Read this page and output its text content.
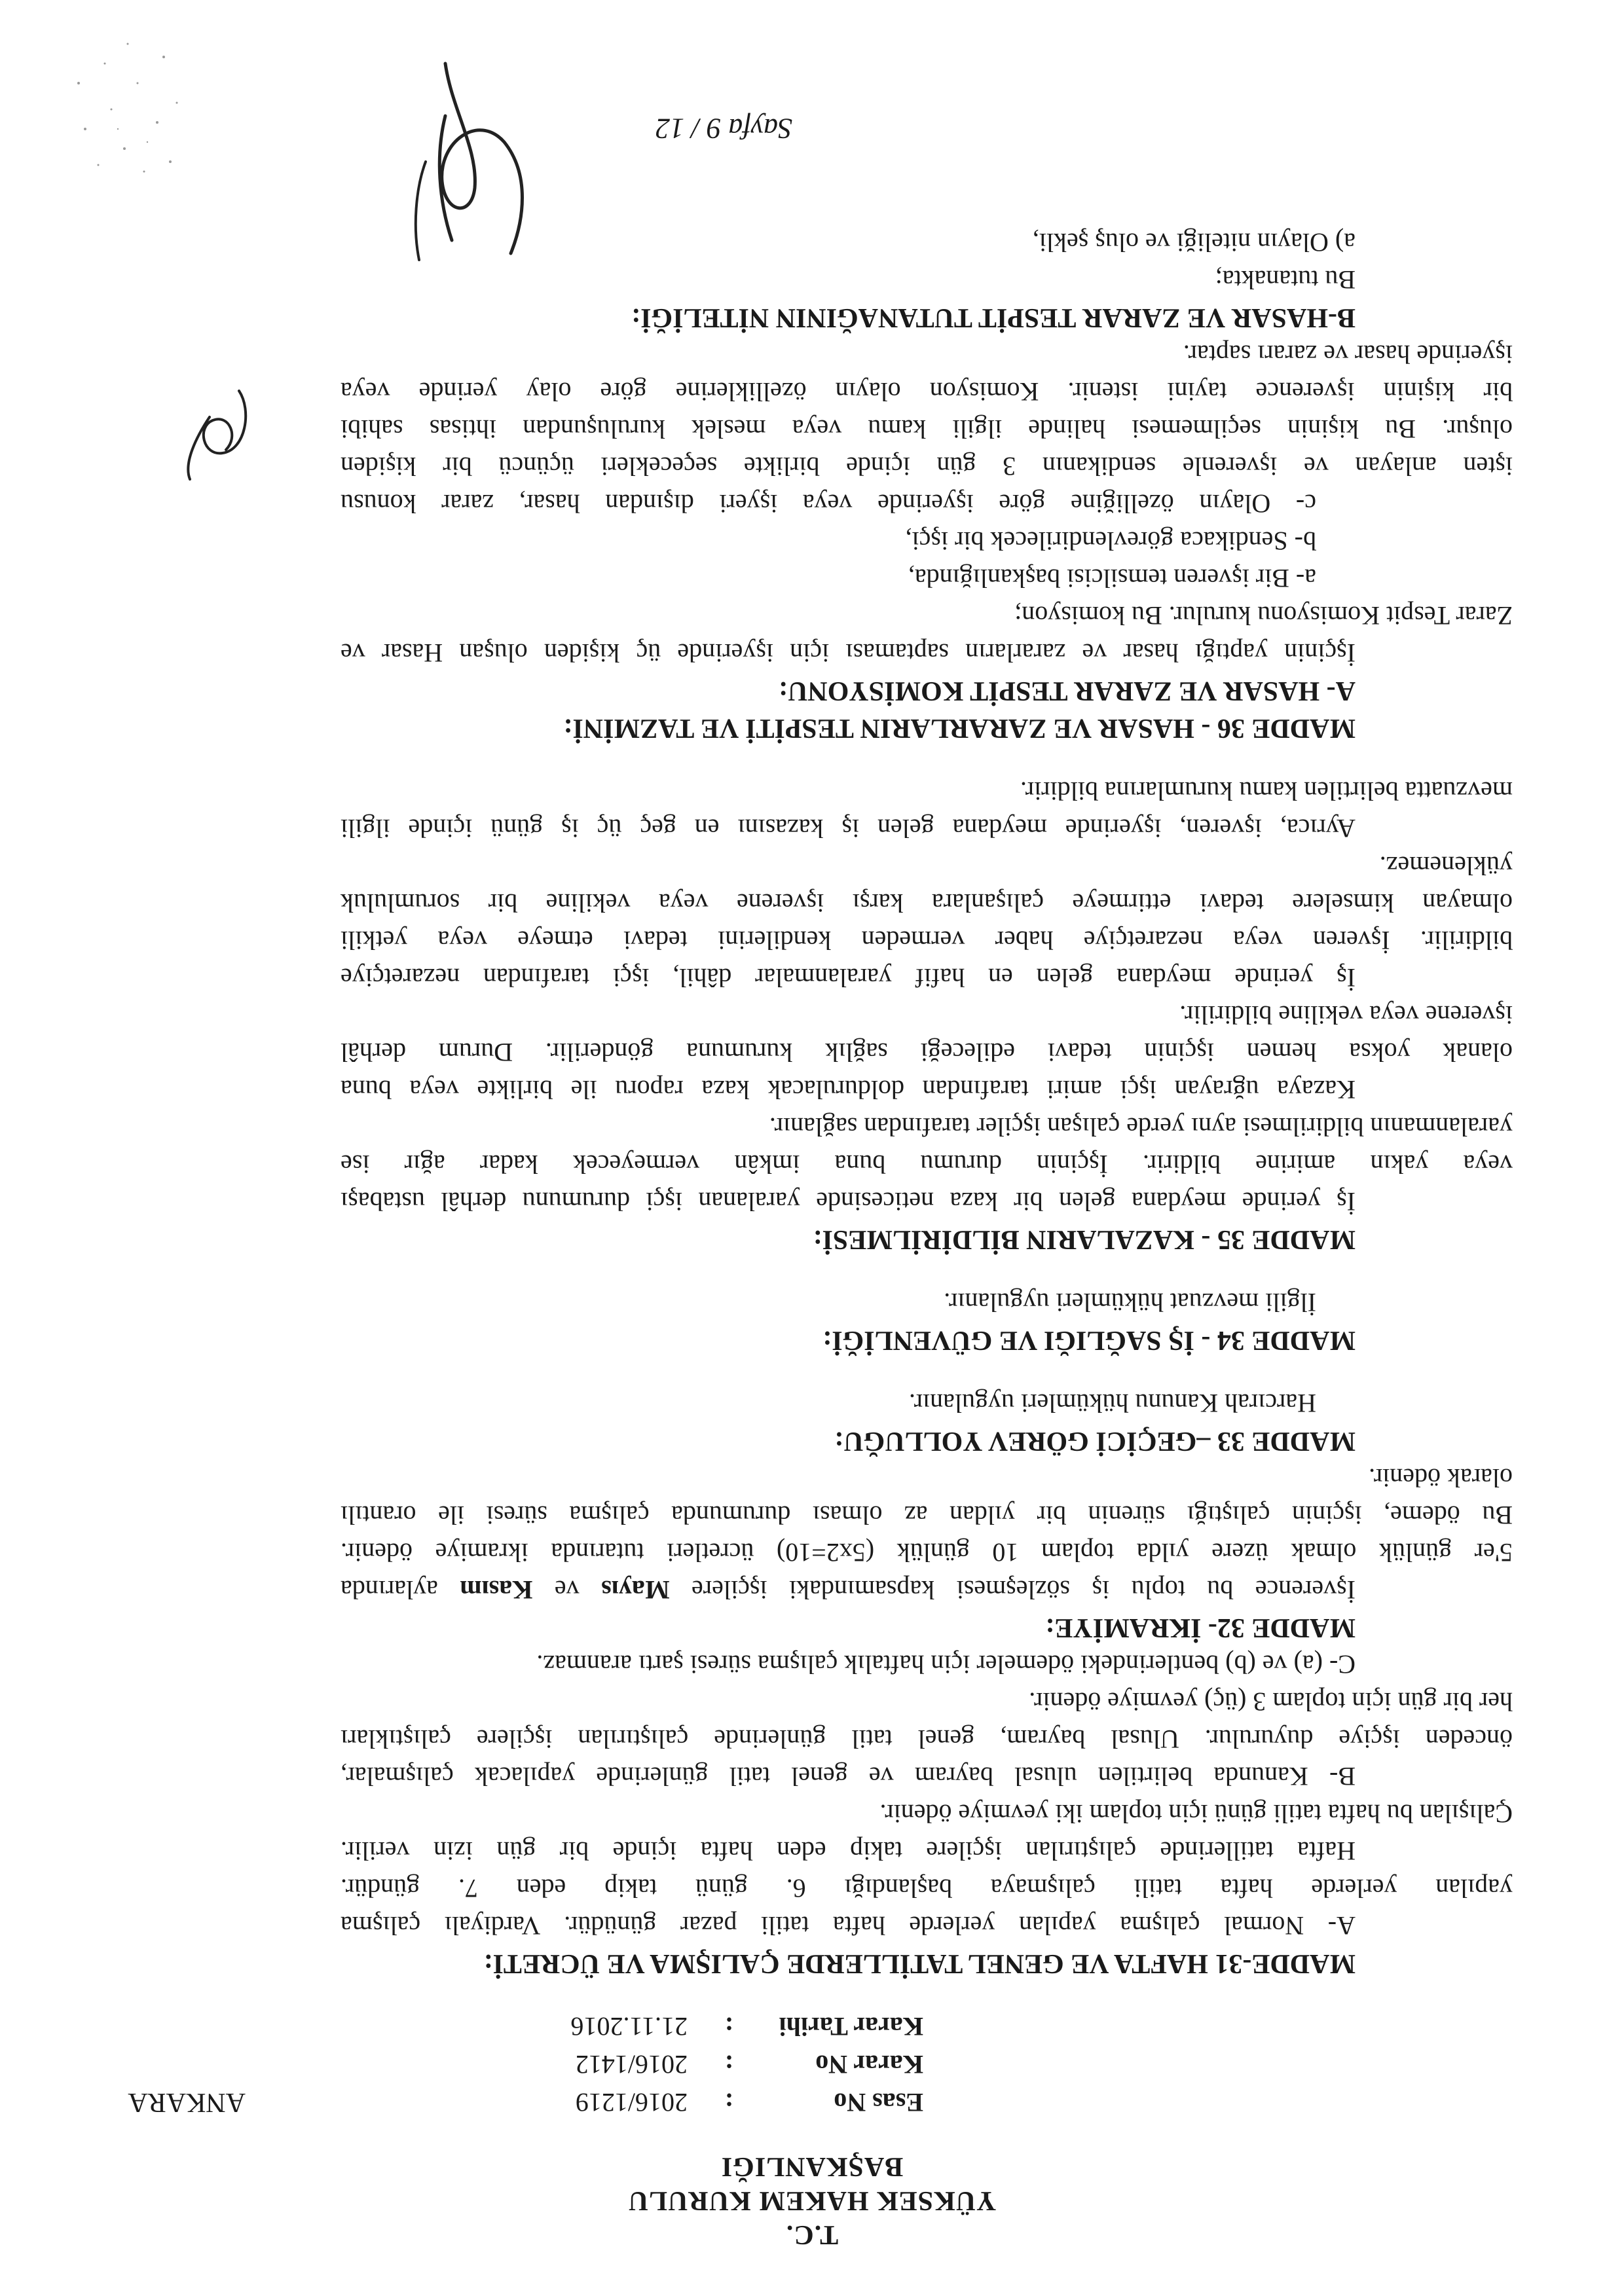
T.C.
YÜKSEK HAKEM KURULU
BAŞKANLIĞI
Esas No:2016/1219
ANKARA
Karar No:2016/1412
Karar Tarihi:21.11.2016

MADDE-31 HAFTA VE GENEL TATİLLERDE ÇALIŞMA VE ÜCRETİ:

A- Normal çalışma yapılan yerlerde hafta tatili pazar günüdür. Vardiyalı çalışma

yapılan yerlerde hafta tatili çalışmaya başlandığı 6. günü takip eden 7. gündür.

Hafta tatillerinde çalıştırılan işçilere takip eden hafta içinde bir gün izin verilir.

Çalışılan bu hafta tatili günü için toplam iki yevmiye ödenir.

B- Kanunda belirtilen ulusal bayram ve genel tatil günlerinde yapılacak çalışmalar,

önceden işçiye duyurulur. Ulusal bayram, genel tatil günlerinde çalıştırılan işçilere çalıştıkları

her bir gün için toplam 3 (üç) yevmiye ödenir.

C- (a) ve (b) bentlerindeki ödemeler için haftalık çalışma süresi şartı aranmaz.

MADDE 32- İKRAMİYE:

İşverence bu toplu iş sözleşmesi kapsamındaki işçilere Mayıs ve Kasım aylarında

5'er günlük olmak üzere yılda toplam 10 günlük (5x2=10) ücretleri tutarında ikramiye ödenir.

Bu ödeme, işçinin çalıştığı sürenin bir yıldan az olması durumunda çalışma süresi ile orantılı

olarak ödenir.

MADDE 33 –GEÇİCİ GÖREV YOLLUĞU:

Harcırah Kanunu hükümleri uygulanır.

MADDE 34 - İŞ SAĞLIĞI VE GÜVENLİĞİ:

İlgili mevzuat hükümleri uygulanır.

MADDE 35 - KAZALARIN BİLDİRİLMESİ:

İş yerinde meydana gelen bir kaza neticesinde yaralanan işçi durumunu derhâl ustabaşı

veya yakın amirine bildirir. İşçinin durumu buna imkân vermeyecek kadar ağır ise

yaralanmanın bildirilmesi aynı yerde çalışan işçiler tarafından sağlanır.

Kazaya uğrayan işçi amiri tarafından doldurulacak kaza raporu ile birlikte veya buna

olanak yoksa hemen işçinin tedavi edileceği sağlık kurumuna gönderilir. Durum derhâl

işverene veya vekiline bildirilir.

İş yerinde meydana gelen en hafif yaralanmalar dâhil, işçi tarafından nezaretçiye

bildirilir. İşveren veya nezaretçiye haber vermeden kendilerini tedavi etmeye veya yetkili

olmayan kimselere tedavi ettirmeye çalışanlara karşı işverene veya vekiline bir sorumluluk

yüklenemez.

Ayrıca, işveren, işyerinde meydana gelen iş kazasını en geç üç iş günü içinde ilgili

mevzuatta belirtilen kamu kurumlarına bildirir.

MADDE 36 - HASAR VE ZARARLARIN TESPİTİ VE TAZMİNİ:

A- HASAR VE ZARAR TESPİT KOMİSYONU:

İşçinin yaptığı hasar ve zararların saptaması için işyerinde üç kişiden oluşan Hasar ve

Zarar Tespit Komisyonu kurulur. Bu komisyon;

a- Bir işveren temsilcisi başkanlığında,

b- Sendikaca görevlendirilecek bir işçi,

c- Olayın özelliğine göre işyerinde veya işyeri dışından hasar, zarar konusu

işten anlayan ve işverenle sendikanın 3 gün içinde birlikte seçecekleri üçüncü bir kişiden

oluşur. Bu kişinin seçilmemesi halinde ilgili kamu veya meslek kuruluşundan ihtisas sahibi

bir kişinin işverence tayini istenir. Komisyon olayın özelliklerine göre olay yerinde veya

işyerinde hasar ve zararı saptar.

B-HASAR VE ZARAR TESPİT TUTANAĞININ NİTELİĞİ:

Bu tutanakta;

a) Olayın niteliği ve oluş şekli,

Sayfa 9 / 12
